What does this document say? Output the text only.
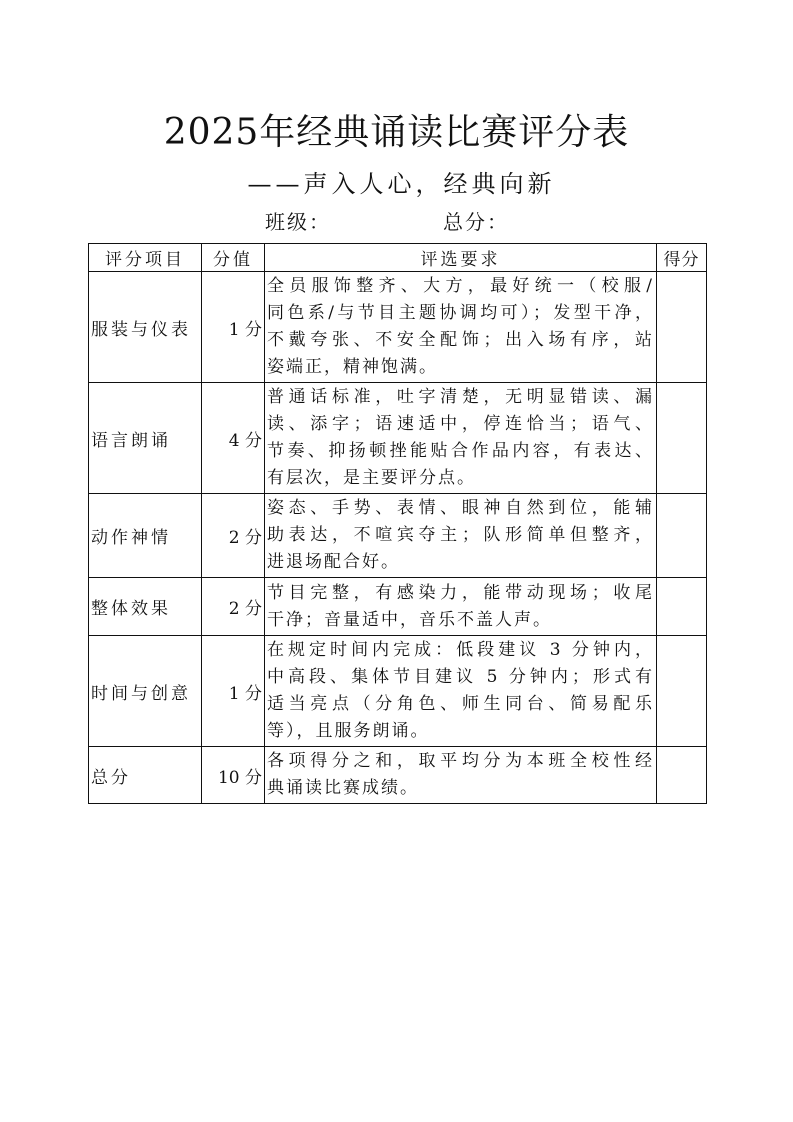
2025年经典诵读比赛评分表
——声入人心，经典向新
班级：	总分：
评分项目	分值	评选要求	得分
服装与仪表	1 分	全员服饰整齐、大方，最好统一（校服/
同色系/与节目主题协调均可）；发型干净，
不戴夸张、不安全配饰；出入场有序，站
姿端正，精神饱满。	

语言朗诵	4 分	普通话标准，吐字清楚，无明显错读、漏
读、添字；语速适中，停连恰当；语气、
节奏、抑扬顿挫能贴合作品内容，有表达、
有层次，是主要评分点。	

动作神情	2 分	姿态、手势、表情、眼神自然到位，能辅
助表达，不喧宾夺主；队形简单但整齐，
进退场配合好。	

整体效果	2 分	节目完整，有感染力，能带动现场；收尾
干净；音量适中，音乐不盖人声。	

时间与创意	1 分	在规定时间内完成：低段建议 3 分钟内，
中高段、集体节目建议 5 分钟内；形式有
适当亮点（分角色、师生同台、简易配乐
等），且服务朗诵。	

总分	10 分	各项得分之和，取平均分为本班全校性经
典诵读比赛成绩。	
